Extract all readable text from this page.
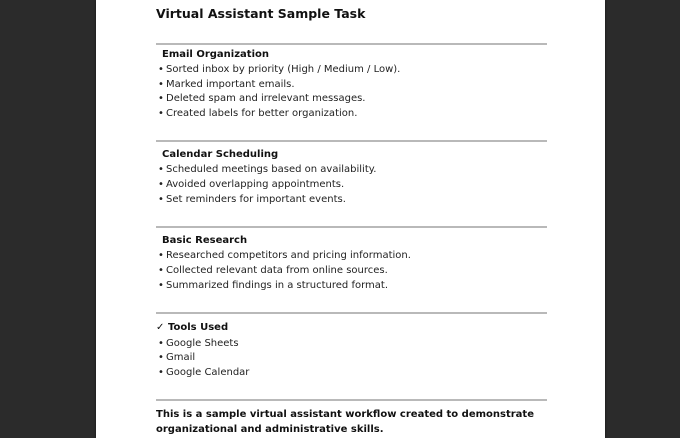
Virtual Assistant Sample Task
Email Organization
• Sorted inbox by priority (High / Medium / Low).
• Marked important emails.
• Deleted spam and irrelevant messages.
• Created labels for better organization.
Calendar Scheduling
• Scheduled meetings based on availability.
• Avoided overlapping appointments.
• Set reminders for important events.
Basic Research
• Researched competitors and pricing information.
• Collected relevant data from online sources.
• Summarized findings in a structured format.
✓ Tools Used
• Google Sheets
• Gmail
• Google Calendar
This is a sample virtual assistant workflow created to demonstrate organizational and administrative skills.
